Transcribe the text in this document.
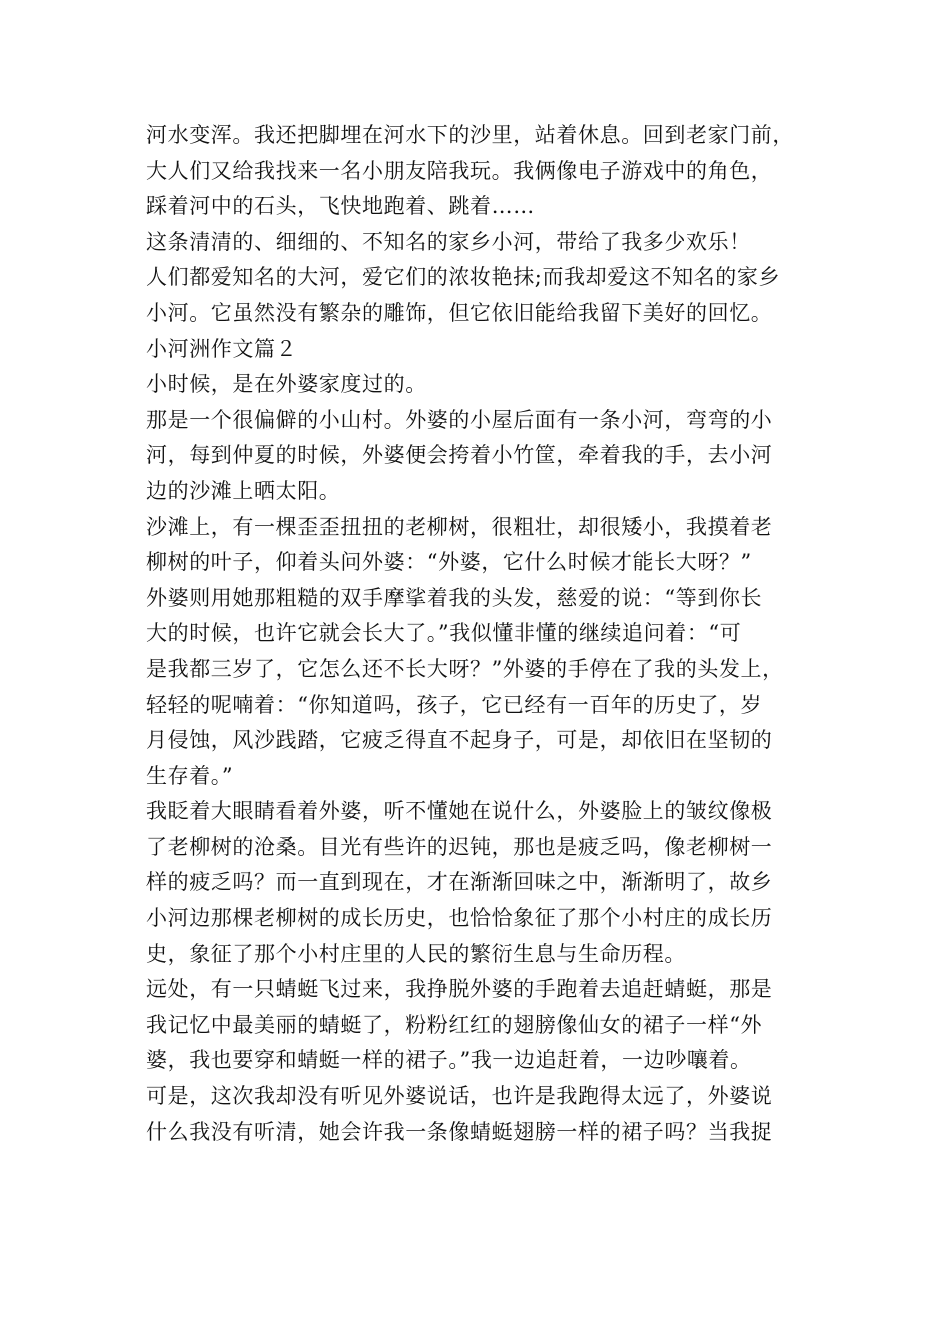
河水变浑。我还把脚埋在河水下的沙里，站着休息。回到老家门前，
大人们又给我找来一名小朋友陪我玩。我俩像电子游戏中的角色，
踩着河中的石头，飞快地跑着、跳着……
这条清清的、细细的、不知名的家乡小河，带给了我多少欢乐！
人们都爱知名的大河，爱它们的浓妆艳抹;而我却爱这不知名的家乡
小河。它虽然没有繁杂的雕饰，但它依旧能给我留下美好的回忆。
小河洲作文篇２
小时候，是在外婆家度过的。
那是一个很偏僻的小山村。外婆的小屋后面有一条小河，弯弯的小
河，每到仲夏的时候，外婆便会挎着小竹筐，牵着我的手，去小河
边的沙滩上晒太阳。
沙滩上，有一棵歪歪扭扭的老柳树，很粗壮，却很矮小，我摸着老
柳树的叶子，仰着头问外婆：“外婆，它什么时候才能长大呀？”
外婆则用她那粗糙的双手摩挲着我的头发，慈爱的说：“等到你长
大的时候，也许它就会长大了。”我似懂非懂的继续追问着：“可
是我都三岁了，它怎么还不长大呀？”外婆的手停在了我的头发上，
轻轻的呢喃着：“你知道吗，孩子，它已经有一百年的历史了，岁
月侵蚀，风沙践踏，它疲乏得直不起身子，可是，却依旧在坚韧的
生存着。”
我眨着大眼睛看着外婆，听不懂她在说什么，外婆脸上的皱纹像极
了老柳树的沧桑。目光有些许的迟钝，那也是疲乏吗，像老柳树一
样的疲乏吗？而一直到现在，才在渐渐回味之中，渐渐明了，故乡
小河边那棵老柳树的成长历史，也恰恰象征了那个小村庄的成长历
史，象征了那个小村庄里的人民的繁衍生息与生命历程。
远处，有一只蜻蜓飞过来，我挣脱外婆的手跑着去追赶蜻蜓，那是
我记忆中最美丽的蜻蜓了，粉粉红红的翅膀像仙女的裙子一样“外
婆，我也要穿和蜻蜓一样的裙子。”我一边追赶着，一边吵嚷着。
可是，这次我却没有听见外婆说话，也许是我跑得太远了，外婆说
什么我没有听清，她会许我一条像蜻蜓翅膀一样的裙子吗？当我捉
